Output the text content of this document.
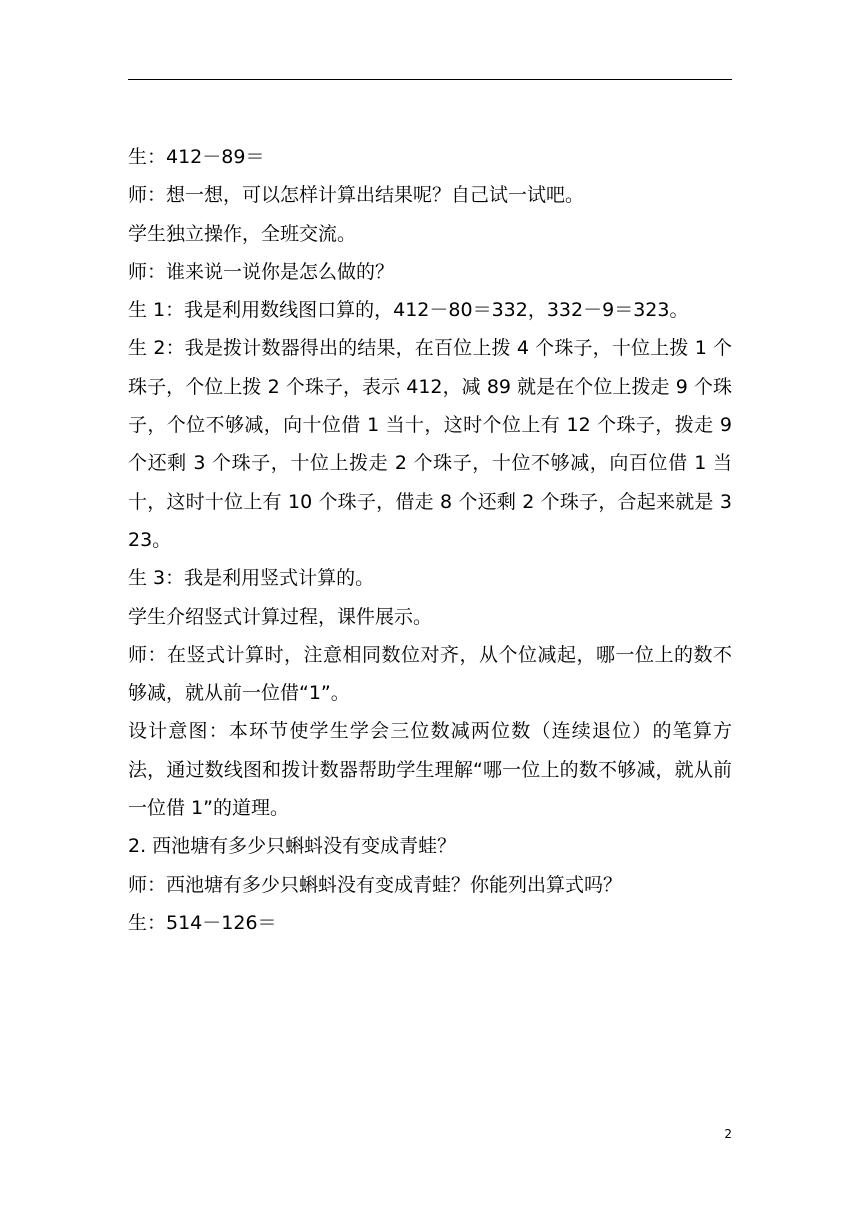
生：412－89＝

师：想一想，可以怎样计算出结果呢？自己试一试吧。

学生独立操作，全班交流。

师：谁来说一说你是怎么做的？

生 1：我是利用数线图口算的，412－80＝332，332－9＝323。

生 2：我是拨计数器得出的结果，在百位上拨 4 个珠子，十位上拨 1 个珠子，个位上拨 2 个珠子，表示 412，减 89 就是在个位上拨走 9 个珠子，个位不够减，向十位借 1 当十，这时个位上有 12 个珠子，拨走 9 个还剩 3 个珠子，十位上拨走 2 个珠子，十位不够减，向百位借 1 当十，这时十位上有 10 个珠子，借走 8 个还剩 2 个珠子，合起来就是 323。

生 3：我是利用竖式计算的。

学生介绍竖式计算过程，课件展示。

师：在竖式计算时，注意相同数位对齐，从个位减起，哪一位上的数不够减，就从前一位借“1”。

设计意图：本环节使学生学会三位数减两位数（连续退位）的笔算方法，通过数线图和拨计数器帮助学生理解“哪一位上的数不够减，就从前一位借 1”的道理。

2. 西池塘有多少只蝌蚪没有变成青蛙？

师：西池塘有多少只蝌蚪没有变成青蛙？你能列出算式吗？

生：514－126＝

2
